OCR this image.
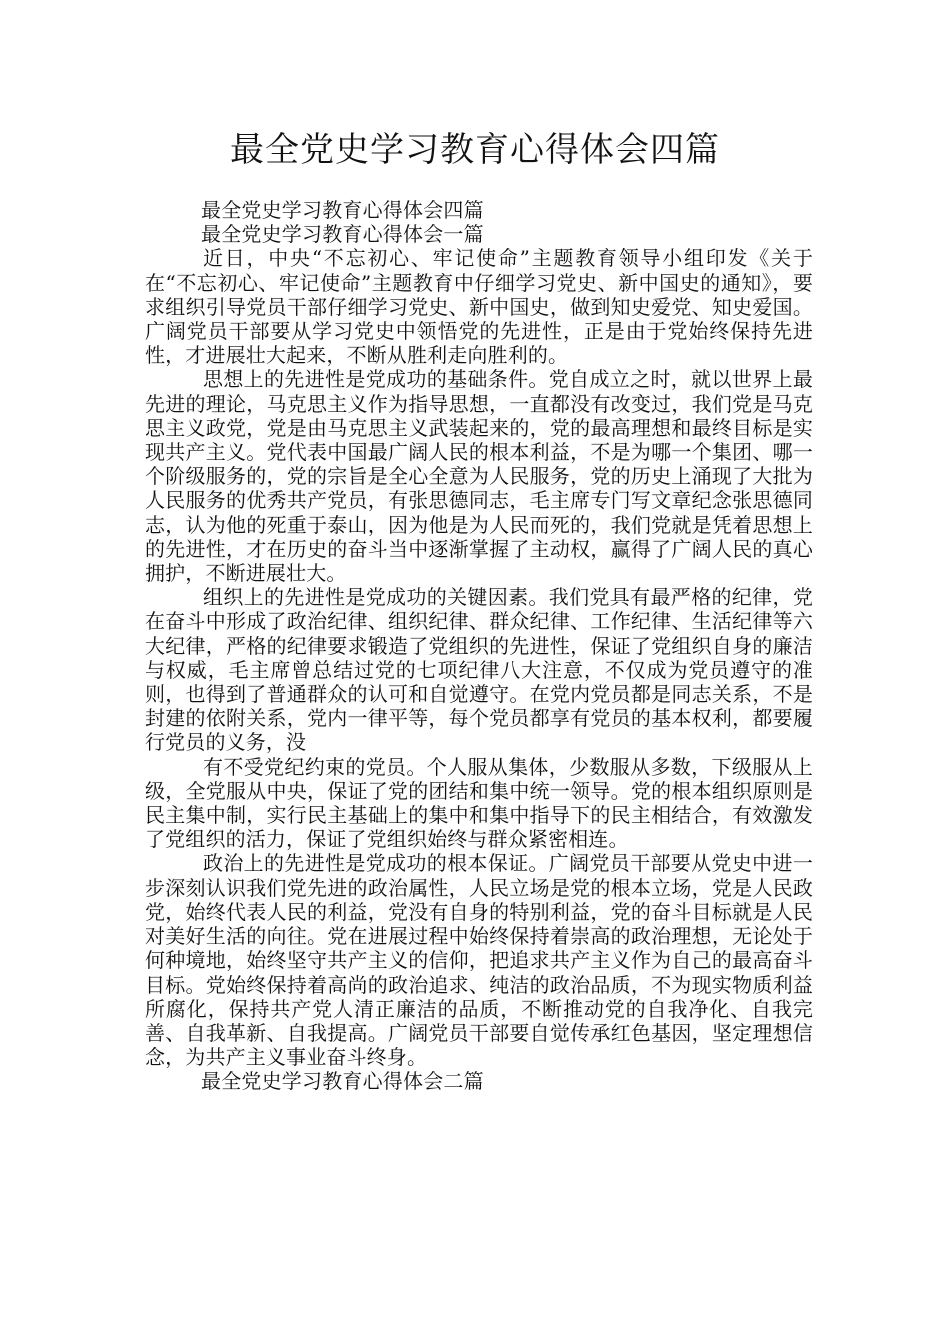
最全党史学习教育心得体会四篇

最全党史学习教育心得体会四篇

最全党史学习教育心得体会一篇

近日，中央“不忘初心、牢记使命”主题教育领导小组印发《关于在“不忘初心、牢记使命”主题教育中仔细学习党史、新中国史的通知》，要求组织引导党员干部仔细学习党史、新中国史，做到知史爱党、知史爱国。广阔党员干部要从学习党史中领悟党的先进性，正是由于党始终保持先进性，才进展壮大起来，不断从胜利走向胜利的。

思想上的先进性是党成功的基础条件。党自成立之时，就以世界上最先进的理论，马克思主义作为指导思想，一直都没有改变过，我们党是马克思主义政党，党是由马克思主义武装起来的，党的最高理想和最终目标是实现共产主义。党代表中国最广阔人民的根本利益，不是为哪一个集团、哪一个阶级服务的，党的宗旨是全心全意为人民服务，党的历史上涌现了大批为人民服务的优秀共产党员，有张思德同志，毛主席专门写文章纪念张思德同志，认为他的死重于泰山，因为他是为人民而死的，我们党就是凭着思想上的先进性，才在历史的奋斗当中逐渐掌握了主动权，赢得了广阔人民的真心拥护，不断进展壮大。

组织上的先进性是党成功的关键因素。我们党具有最严格的纪律，党在奋斗中形成了政治纪律、组织纪律、群众纪律、工作纪律、生活纪律等六大纪律，严格的纪律要求锻造了党组织的先进性，保证了党组织自身的廉洁与权威，毛主席曾总结过党的七项纪律八大注意，不仅成为党员遵守的准则，也得到了普通群众的认可和自觉遵守。在党内党员都是同志关系，不是封建的依附关系，党内一律平等，每个党员都享有党员的基本权利，都要履行党员的义务，没

有不受党纪约束的党员。个人服从集体，少数服从多数，下级服从上级，全党服从中央，保证了党的团结和集中统一领导。党的根本组织原则是民主集中制，实行民主基础上的集中和集中指导下的民主相结合，有效激发了党组织的活力，保证了党组织始终与群众紧密相连。

政治上的先进性是党成功的根本保证。广阔党员干部要从党史中进一步深刻认识我们党先进的政治属性，人民立场是党的根本立场，党是人民政党，始终代表人民的利益，党没有自身的特别利益，党的奋斗目标就是人民对美好生活的向往。党在进展过程中始终保持着崇高的政治理想，无论处于何种境地，始终坚守共产主义的信仰，把追求共产主义作为自己的最高奋斗目标。党始终保持着高尚的政治追求、纯洁的政治品质，不为现实物质利益所腐化，保持共产党人清正廉洁的品质，不断推动党的自我净化、自我完善、自我革新、自我提高。广阔党员干部要自觉传承红色基因，坚定理想信念，为共产主义事业奋斗终身。

最全党史学习教育心得体会二篇
